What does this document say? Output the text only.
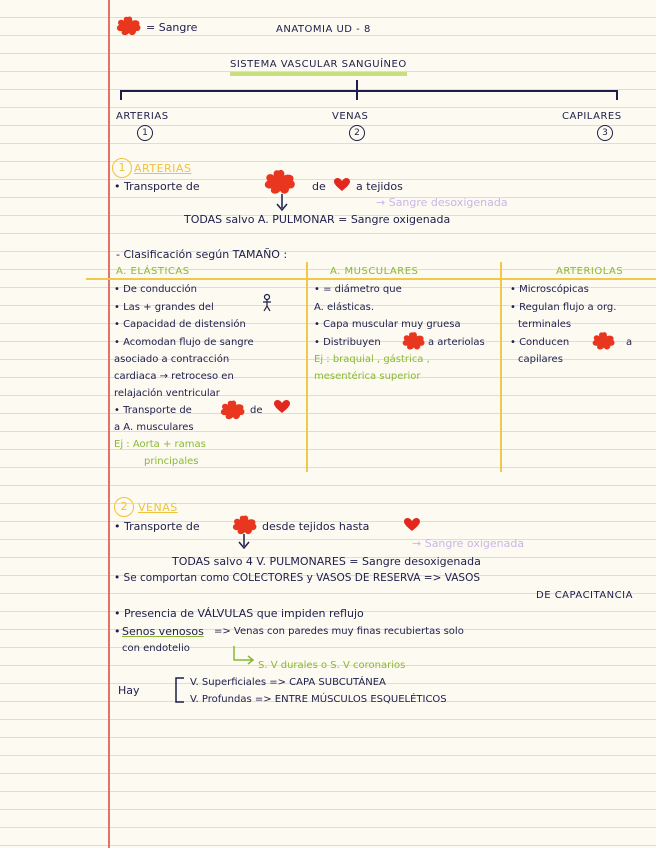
= Sangre	ANATOMIA UD - 8
SISTEMA VASCULAR SANGUÍNEO
ARTERIAS
1
VENAS
2
CAPILARES
3
1 ARTERIAS
• Transporte de	de	a tejidos
→ Sangre desoxigenada
TODAS salvo A. PULMONAR = Sangre oxigenada
- Clasificación según TAMAÑO :
A. ELÁSTICAS	A. MUSCULARES	ARTERIOLAS
• De conducción
• Las + grandes del
• Capacidad de distensión
• Acomodan flujo de sangre
asociado a contracción
cardiaca → retroceso en
relajación ventricular
• Transporte de	de
a A. musculares
Ej : Aorta + ramas
principales
• = diámetro que
A. elásticas.
• Capa muscular muy gruesa
• Distribuyen	a arteriolas
Ej : braquial , gástrica ,
mesentérica superior
• Microscópicas
• Regulan flujo a org.
terminales
• Conducen	a
capilares
2 VENAS
• Transporte de	desde tejidos hasta
→ Sangre oxigenada
TODAS salvo 4 V. PULMONARES = Sangre desoxigenada
• Se comportan como COLECTORES y VASOS DE RESERVA => VASOS
DE CAPACITANCIA
• Presencia de VÁLVULAS que impiden reflujo
• Senos venosos => Venas con paredes muy finas recubiertas solo
con endotelio
S. V durales o S. V coronarios
Hay
V. Superficiales => CAPA SUBCUTÁNEA
V. Profundas => ENTRE MÚSCULOS ESQUELÉTICOS
